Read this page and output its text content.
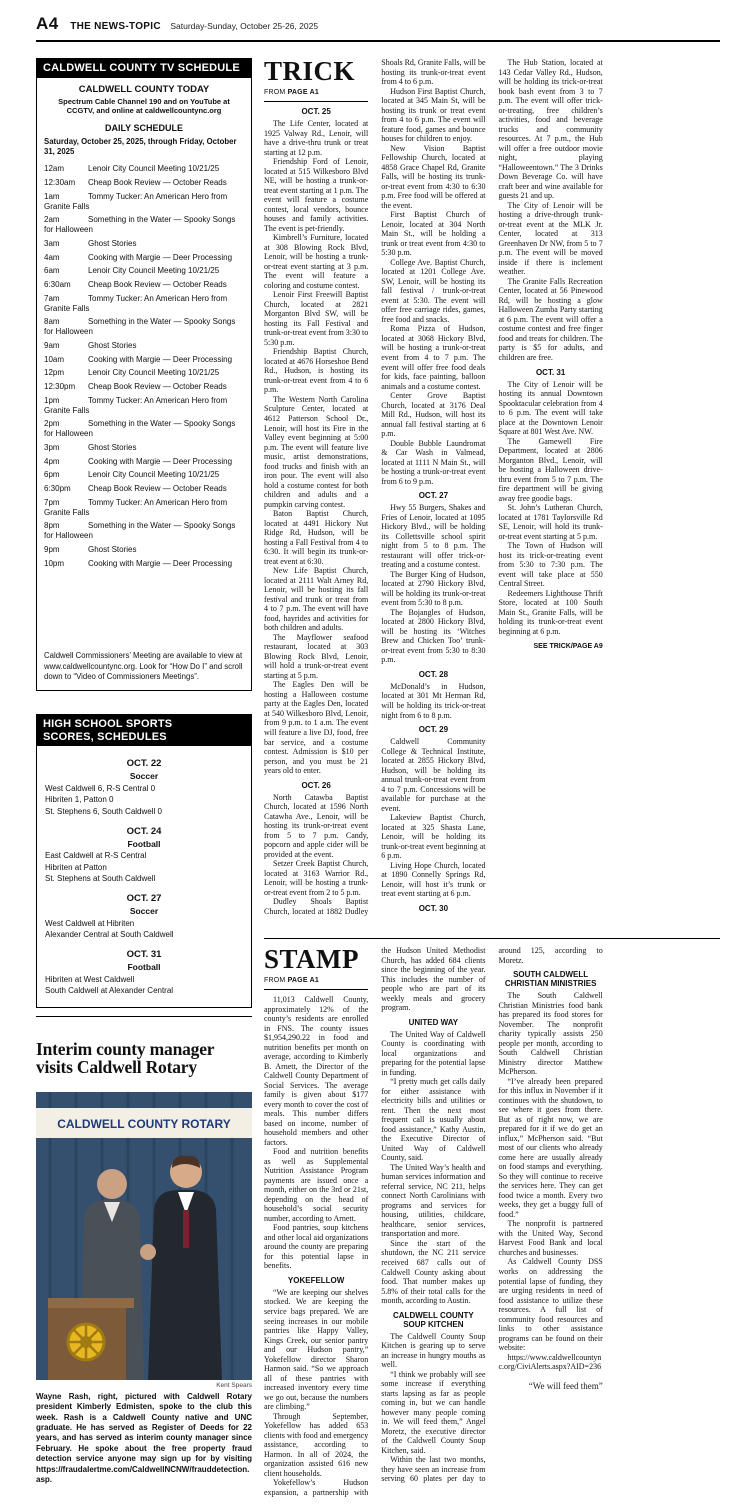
A4 THE NEWS-TOPIC Saturday-Sunday, October 25-26, 2025
CALDWELL COUNTY TV SCHEDULE
CALDWELL COUNTY TODAY
Spectrum Cable Channel 190 and on YouTube at CCGTV, and online at caldwellcountync.org
DAILY SCHEDULE
Saturday, October 25, 2025, through Friday, October 31, 2025
12am	Lenoir City Council Meeting 10/21/25
12:30am Cheap Book Review — October Reads
1am	Tommy Tucker: An American Hero from Granite Falls
2am	Something in the Water — Spooky Songs for Halloween
3am	Ghost Stories
4am	Cooking with Margie — Deer Processing
6am	Lenoir City Council Meeting 10/21/25
6:30am Cheap Book Review — October Reads
7am	Tommy Tucker: An American Hero from Granite Falls
8am	Something in the Water — Spooky Songs for Halloween
9am	Ghost Stories
10am	Cooking with Margie — Deer Processing
12pm	Lenoir City Council Meeting 10/21/25
12:30pm Cheap Book Review — October Reads
1pm	Tommy Tucker: An American Hero from Granite Falls
2pm	Something in the Water — Spooky Songs for Halloween
3pm	Ghost Stories
4pm	Cooking with Margie — Deer Processing
6pm	Lenoir City Council Meeting 10/21/25
6:30pm Cheap Book Review — October Reads
7pm	Tommy Tucker: An American Hero from Granite Falls
8pm	Something in the Water — Spooky Songs for Halloween
9pm	Ghost Stories
10pm	Cooking with Margie — Deer Processing
Caldwell Commissioners’ Meeting are available to view at www.caldwellcountync.org. Look for “How Do I” and scroll down to “Video of Commissioners Meetings”.
HIGH SCHOOL SPORTS
SCORES, SCHEDULES
OCT. 22
Soccer
West Caldwell 6, R-S Central 0
Hibriten 1, Patton 0
St. Stephens 6, South Caldwell 0
OCT. 24
Football
East Caldwell at R-S Central
Hibriten at Patton
St. Stephens at South Caldwell
OCT. 27
Soccer
West Caldwell at Hibriten
Alexander Central at South Caldwell
OCT. 31
Football
Hibriten at West Caldwell
South Caldwell at Alexander Central
Interim county manager visits Caldwell Rotary
CALDWELL COUNTY ROTARY
Kent Spears
Wayne Rash, right, pictured with Caldwell Rotary president Kimberly Edmisten, spoke to the club this week. Rash is a Caldwell County native and UNC graduate. He has served as Register of Deeds for 22 years, and has served as interim county manager since February. He spoke about the free property fraud detection service anyone may sign up for by visiting https://fraudalertme.com/CaldwellNCNW/frauddetection.asp.
TRICK
FROM PAGE A1
OCT. 25

The Life Center, located at 1925 Valway Rd., Lenoir, will have a drive-thru trunk or treat starting at 12 p.m.

Friendship Ford of Lenoir, located at 515 Wilkesboro Blvd NE, will be hosting a trunk-or-treat event starting at 1 p.m. The event will feature a costume contest, local vendors, bounce houses and family activities. The event is pet-friendly.

Kimbrell’s Furniture, located at 308 Blowing Rock Blvd, Lenoir, will be hosting a trunk-or-treat event starting at 3 p.m. The event will feature a coloring and costume contest.

Lenoir First Freewill Baptist Church, located at 2821 Morganton Blvd SW, will be hosting its Fall Festival and trunk-or-treat event from 3:30 to 5:30 p.m.

Friendship Baptist Church, located at 4676 Horseshoe Bend Rd., Hudson, is hosting its trunk-or-treat event from 4 to 6 p.m.

The Western North Carolina Sculpture Center, located at 4612 Patterson School Dr., Lenoir, will host its Fire in the Valley event beginning at 5:00 p.m. The event will feature live music, artist demonstrations, food trucks and finish with an iron pour. The event will also hold a costume contest for both children and adults and a pumpkin carving contest.

Baton Baptist Church, located at 4491 Hickory Nut Ridge Rd, Hudson, will be hosting a Fall Festival from 4 to 6:30. It will begin its trunk-or-treat event at 6:30.

New Life Baptist Church, located at 2111 Walt Arney Rd, Lenoir, will be hosting its fall festival and trunk or treat from 4 to 7 p.m. The event will have food, hayrides and activities for both children and adults.

The Mayflower seafood restaurant, located at 303 Blowing Rock Blvd, Lenoir, will hold a trunk-or-treat event starting at 5 p.m.

The Eagles Den will be hosting a Halloween costume party at the Eagles Den, located at 540 Wilkesboro Blvd, Lenoir, from 9 p.m. to 1 a.m. The event will feature a live DJ, food, free bar service, and a costume contest. Admission is $10 per person, and you must be 21 years old to enter.

OCT. 26

North Catawba Baptist Church, located at 1596 North Catawba Ave., Lenoir, will be hosting its trunk-or-treat event from 5 to 7 p.m. Candy, popcorn and apple cider will be provided at the event.

Setzer Creek Baptist Church, located at 3163 Warrior Rd., Lenoir, will be hosting a trunk-or-treat event from 2 to 5 p.m.

Dudley Shoals Baptist Church, located at 1882 Dudley Shoals Rd, Granite Falls, will be hosting its trunk-or-treat event from 4 to 6 p.m.

Hudson First Baptist Church, located at 345 Main St, will be hosting its trunk or treat event from 4 to 6 p.m. The event will feature food, games and bounce houses for children to enjoy.

New Vision Baptist Fellowship Church, located at 4858 Grace Chapel Rd, Granite Falls, will be hosting its trunk-or-treat event from 4:30 to 6:30 p.m. Free food will be offered at the event.

First Baptist Church of Lenoir, located at 304 North Main St., will be holding a trunk or treat event from 4:30 to 5:30 p.m.

College Ave. Baptist Church, located at 1201 College Ave. SW, Lenoir, will be hosting its fall festival / trunk-or-treat event at 5:30. The event will offer free carriage rides, games, free food and snacks.

Roma Pizza of Hudson, located at 3068 Hickory Blvd, will be hosting a trunk-or-treat event from 4 to 7 p.m. The event will offer free food deals for kids, face painting, balloon animals and a costume contest.

Center Grove Baptist Church, located at 3176 Deal Mill Rd., Hudson, will host its annual fall festival starting at 6 p.m.

Double Bubble Laundromat & Car Wash in Valmead, located at 1111 N Main St., will be hosting a trunk-or-treat event from 6 to 9 p.m.

OCT. 27

Hwy 55 Burgers, Shakes and Fries of Lenoir, located at 1095 Hickory Blvd., will be holding its Collettsville school spirit night from 5 to 8 p.m. The restaurant will offer trick-or-treating and a costume contest.

The Burger King of Hudson, located at 2790 Hickory Blvd, will be holding its trunk-or-treat event from 5:30 to 8 p.m.

The Bojangles of Hudson, located at 2800 Hickory Blvd, will be hosting its ‘Witches Brew and Chicken Too’ trunk-or-treat event from 5:30 to 8:30 p.m.

OCT. 28

McDonald’s in Hudson, located at 301 Mt Herman Rd, will be holding its trick-or-treat night from 6 to 8 p.m.

OCT. 29

Caldwell Community College & Technical Institute, located at 2855 Hickory Blvd, Hudson, will be holding its annual trunk-or-treat event from 4 to 7 p.m. Concessions will be available for purchase at the event.

Lakeview Baptist Church, located at 325 Shasta Lane, Lenoir, will be holding its trunk-or-treat event beginning at 6 p.m.

Living Hope Church, located at 1890 Connelly Springs Rd, Lenoir, will host it’s trunk or treat event starting at 6 p.m.

OCT. 30

The Hub Station, located at 143 Cedar Valley Rd., Hudson, will be holding its trick-or-treat book bash event from 3 to 7 p.m. The event will offer trick-or-treating, free children’s activities, food and beverage trucks and community resources. At 7 p.m., the Hub will offer a free outdoor movie night, playing “Halloweentown.” The 3 Drinks Down Beverage Co. will have craft beer and wine available for guests 21 and up.

The City of Lenoir will be hosting a drive-through trunk-or-treat event at the MLK Jr. Center, located at 313 Greenhaven Dr NW, from 5 to 7 p.m. The event will be moved inside if there is inclement weather.

The Granite Falls Recreation Center, located at 56 Pinewood Rd, will be hosting a glow Halloween Zumba Party starting at 6 p.m. The event will offer a costume contest and free finger food and treats for children. The party is $5 for adults, and children are free.

OCT. 31

The City of Lenoir will be hosting its annual Downtown Spooktacular celebration from 4 to 6 p.m. The event will take place at the Downtown Lenoir Square at 801 West Ave. NW.

The Gamewell Fire Department, located at 2806 Morganton Blvd., Lenoir, will be hosting a Halloween drive-thru event from 5 to 7 p.m. The fire department will be giving away free goodie bags.

St. John’s Lutheran Church, located at 1781 Taylorsville Rd SE, Lenoir, will hold its trunk-or-treat event starting at 5 p.m.

The Town of Hudson will host its trick-or-treating event from 5:30 to 7:30 p.m. The event will take place at 550 Central Street.

Redeemers Lighthouse Thrift Store, located at 100 South Main St., Granite Falls, will be holding its trunk-or-treat event beginning at 6 p.m.

SEE TRICK/PAGE A9
STAMP
FROM PAGE A1

11,013 Caldwell County, approximately 12% of the county’s residents are enrolled in FNS. The county issues $1,954,290.22 in food and nutrition benefits per month on average, according to Kimberly B. Arnett, the Director of the Caldwell County Department of Social Services. The average family is given about $177 every month to cover the cost of meals. This number differs based on income, number of household members and other factors.

Food and nutrition benefits as well as Supplemental Nutrition Assistance Program payments are issued once a month, either on the 3rd or 21st, depending on the head of household’s social security number, according to Arnett.

Food pantries, soup kitchens and other local aid organizations around the county are preparing for this potential lapse in benefits.

YOKEFELLOW

“We are keeping our shelves stocked. We are keeping the service bags prepared. We are seeing increases in our mobile pantries like Happy Valley, Kings Creek, our senior pantry and our Hudson pantry,” Yokefellow director Sharon Harmon said. “So we approach all of these pantries with increased inventory every time we go out, because the numbers are climbing.”

Through September, Yokefellow has added 653 clients with food and emergency assistance, according to Harmon. In all of 2024, the organization assisted 616 new client households.

Yokefellow’s Hudson expansion, a partnership with the Hudson United Methodist Church, has added 684 clients since the beginning of the year. This includes the number of people who are part of its weekly meals and grocery program.

UNITED WAY

The United Way of Caldwell County is coordinating with local organizations and preparing for the potential lapse in funding.

“I pretty much get calls daily for either assistance with electricity bills and utilities or rent. Then the next most frequent call is usually about food assistance,” Kathy Austin, the Executive Director of United Way of Caldwell County, said.

The United Way’s health and human services information and referral service, NC 211, helps connect North Carolinians with programs and services for housing, utilities, childcare, healthcare, senior services, transportation and more.

Since the start of the shutdown, the NC 211 service received 687 calls out of Caldwell County asking about food. That number makes up 5.8% of their total calls for the month, according to Austin.

CALDWELL COUNTY SOUP KITCHEN

The Caldwell County Soup Kitchen is gearing up to serve an increase in hungry mouths as well.

“I think we probably will see some increase if everything starts lapsing as far as people coming in, but we can handle however many people coming in. We will feed them,” Angel Moretz, the executive director of the Caldwell County Soup Kitchen, said.

Within the last two months, they have seen an increase from serving 60 plates per day to around 125, according to Moretz.

SOUTH CALDWELL CHRISTIAN MINISTRIES

The South Caldwell Christian Ministries food bank has prepared its food stores for November. The nonprofit charity typically assists 250 people per month, according to South Caldwell Christian Ministry director Matthew McPherson.

“I’ve already been prepared for this influx in November if it continues with the shutdown, to see where it goes from there. But as of right now, we are prepared for it if we do get an influx,” McPherson said. “But most of our clients who already come here are usually already on food stamps and everything. So they will continue to receive the services here. They can get food twice a month. Every two weeks, they get a buggy full of food.”

The nonprofit is partnered with the United Way, Second Harvest Food Bank and local churches and businesses.

As Caldwell County DSS works on addressing the potential lapse of funding, they are urging residents in need of food assistance to utilize these resources. A full list of community food resources and links to other assistance programs can be found on their website:

https://www.caldwellcountync.org/CiviAlerts.aspx?AID=236

“We will feed them”
